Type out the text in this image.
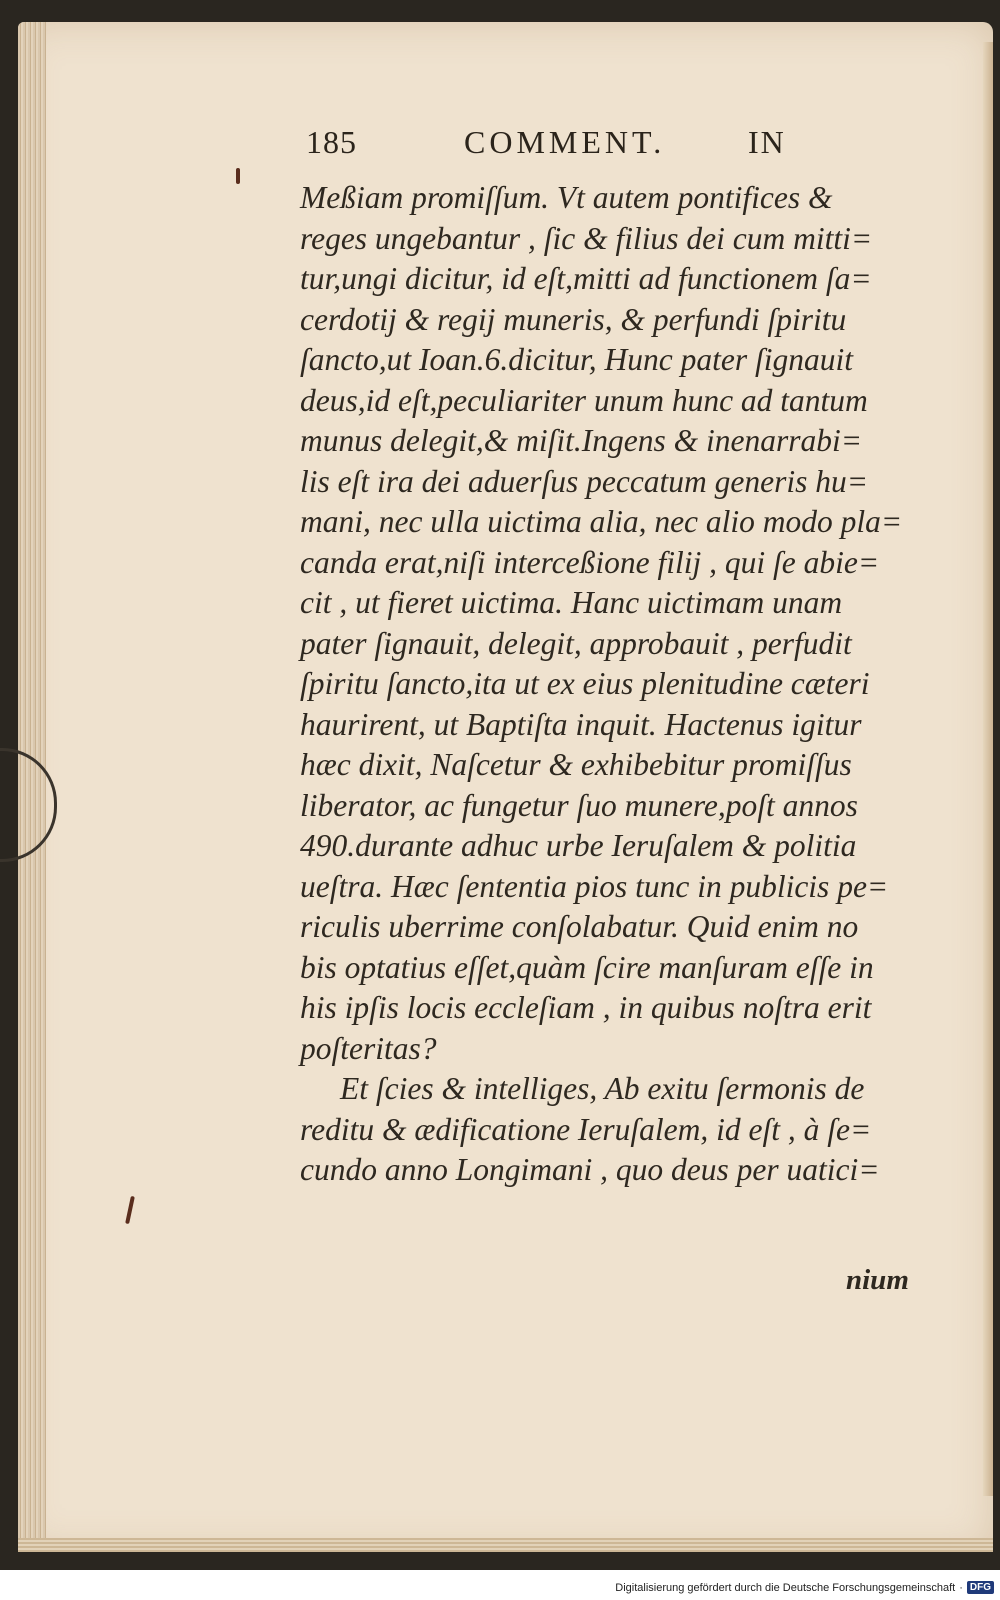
185	COMMENT.	IN
Meßiam promiſſum. Vt autem pontifices &
reges ungebantur , ſic & filius dei cum mitti=
tur,ungi dicitur, id eſt,mitti ad functionem ſa=
cerdotij & regij muneris, & perfundi ſpiritu
ſancto,ut Ioan.6.dicitur, Hunc pater ſignauit
deus,id eſt,peculiariter unum hunc ad tantum
munus delegit,& miſit.Ingens & inenarrabi=
lis eſt ira dei aduerſus peccatum generis hu=
mani, nec ulla uictima alia, nec alio modo pla=
canda erat,niſi interceßione filij , qui ſe abie=
cit , ut fieret uictima. Hanc uictimam unam
pater ſignauit, delegit, approbauit , perfudit
ſpiritu ſancto,ita ut ex eius plenitudine cæteri
haurirent, ut Baptiſta inquit. Hactenus igitur
hæc dixit, Naſcetur & exhibebitur promiſſus
liberator, ac fungetur ſuo munere,poſt annos
490.durante adhuc urbe Ieruſalem & politia
ueſtra. Hæc ſententia pios tunc in publicis pe=
riculis uberrime conſolabatur. Quid enim no
bis optatius eſſet,quàm ſcire manſuram eſſe in
his ipſis locis eccleſiam , in quibus noſtra erit
poſteritas?
Et ſcies & intelliges, Ab exitu ſermonis de
reditu & ædificatione Ieruſalem, id eſt , à ſe=
cundo anno Longimani , quo deus per uatici=
nium
Digitalisierung gefördert durch die Deutsche Forschungsgemeinschaft · DFG
